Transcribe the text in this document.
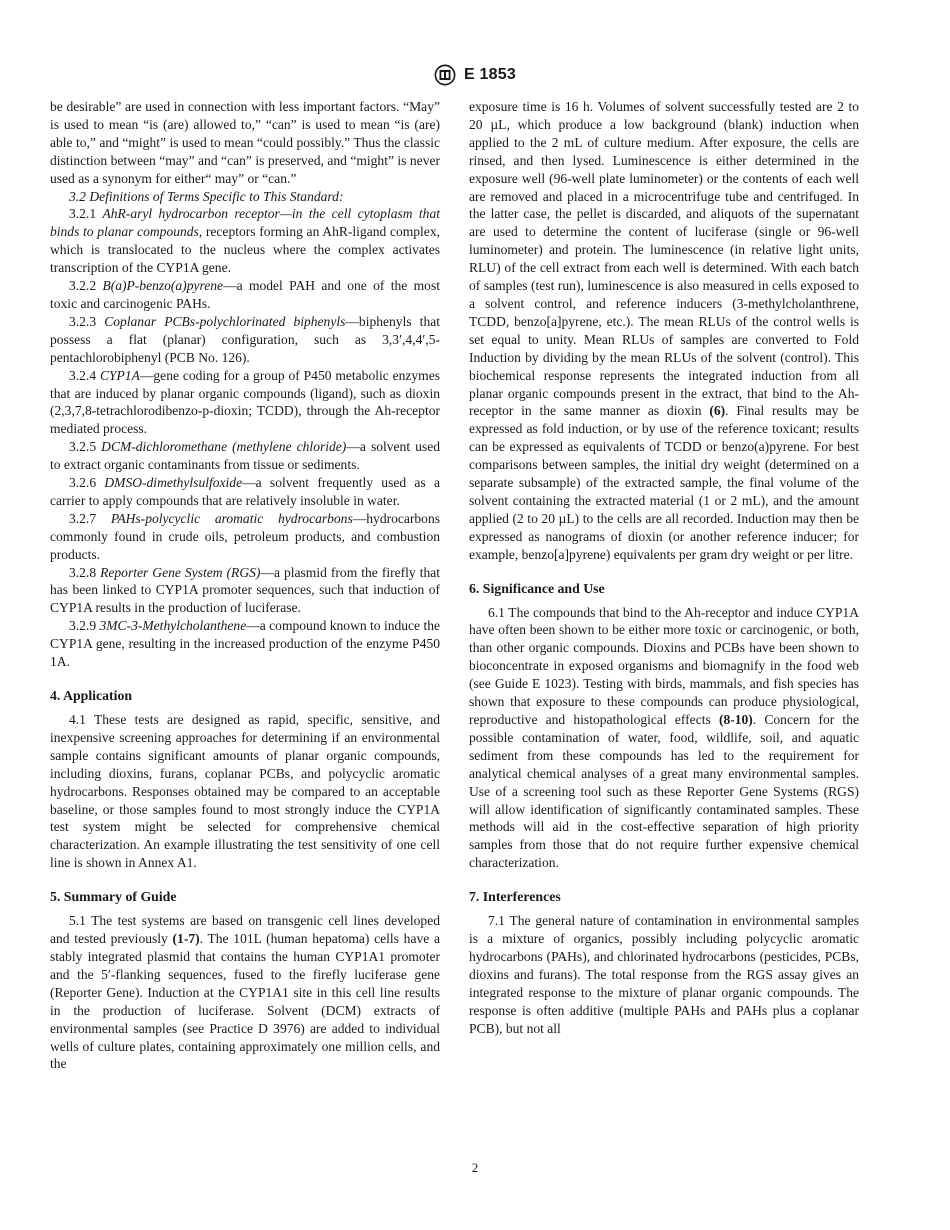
E 1853

be desirable” are used in connection with less important factors. “May” is used to mean “is (are) allowed to,” “can” is used to mean “is (are) able to,” and “might” is used to mean “could possibly.” Thus the classic distinction between “may” and “can” is preserved, and “might” is never used as a synonym for either“ may” or “can.”

3.2 Definitions of Terms Specific to This Standard:

3.2.1 AhR-aryl hydrocarbon receptor—in the cell cytoplasm that binds to planar compounds, receptors forming an AhR-ligand complex, which is translocated to the nucleus where the complex activates transcription of the CYP1A gene.

3.2.2 B(a)P-benzo(a)pyrene—a model PAH and one of the most toxic and carcinogenic PAHs.

3.2.3 Coplanar PCBs-polychlorinated biphenyls—biphenyls that possess a flat (planar) configuration, such as 3,3′,4,4′,5-pentachlorobiphenyl (PCB No. 126).

3.2.4 CYP1A—gene coding for a group of P450 metabolic enzymes that are induced by planar organic compounds (ligand), such as dioxin (2,3,7,8-tetrachlorodibenzo-p-dioxin; TCDD), through the Ah-receptor mediated process.

3.2.5 DCM-dichloromethane (methylene chloride)—a solvent used to extract organic contaminants from tissue or sediments.

3.2.6 DMSO-dimethylsulfoxide—a solvent frequently used as a carrier to apply compounds that are relatively insoluble in water.

3.2.7 PAHs-polycyclic aromatic hydrocarbons—hydrocarbons commonly found in crude oils, petroleum products, and combustion products.

3.2.8 Reporter Gene System (RGS)—a plasmid from the firefly that has been linked to CYP1A promoter sequences, such that induction of CYP1A results in the production of luciferase.

3.2.9 3MC-3-Methylcholanthene—a compound known to induce the CYP1A gene, resulting in the increased production of the enzyme P450 1A.

4. Application

4.1 These tests are designed as rapid, specific, sensitive, and inexpensive screening approaches for determining if an environmental sample contains significant amounts of planar organic compounds, including dioxins, furans, coplanar PCBs, and polycyclic aromatic hydrocarbons. Responses obtained may be compared to an acceptable baseline, or those samples found to most strongly induce the CYP1A test system might be selected for comprehensive chemical characterization. An example illustrating the test sensitivity of one cell line is shown in Annex A1.

5. Summary of Guide

5.1 The test systems are based on transgenic cell lines developed and tested previously (1-7). The 101L (human hepatoma) cells have a stably integrated plasmid that contains the human CYP1A1 promoter and the 5′-flanking sequences, fused to the firefly luciferase gene (Reporter Gene). Induction at the CYP1A1 site in this cell line results in the production of luciferase. Solvent (DCM) extracts of environmental samples (see Practice D 3976) are added to individual wells of culture plates, containing approximately one million cells, and the

exposure time is 16 h. Volumes of solvent successfully tested are 2 to 20 µL, which produce a low background (blank) induction when applied to the 2 mL of culture medium. After exposure, the cells are rinsed, and then lysed. Luminescence is either determined in the exposure well (96-well plate luminometer) or the contents of each well are removed and placed in a microcentrifuge tube and centrifuged. In the latter case, the pellet is discarded, and aliquots of the supernatant are used to determine the content of luciferase (single or 96-well luminometer) and protein. The luminescence (in relative light units, RLU) of the cell extract from each well is determined. With each batch of samples (test run), luminescence is also measured in cells exposed to a solvent control, and reference inducers (3-methylcholanthrene, TCDD, benzo[a]pyrene, etc.). The mean RLUs of the control wells is set equal to unity. Mean RLUs of samples are converted to Fold Induction by dividing by the mean RLUs of the solvent (control). This biochemical response represents the integrated induction from all planar organic compounds present in the extract, that bind to the Ah-receptor in the same manner as dioxin (6). Final results may be expressed as fold induction, or by use of the reference toxicant; results can be expressed as equivalents of TCDD or benzo(a)pyrene. For best comparisons between samples, the initial dry weight (determined on a separate subsample) of the extracted sample, the final volume of the solvent containing the extracted material (1 or 2 mL), and the amount applied (2 to 20 µL) to the cells are all recorded. Induction may then be expressed as nanograms of dioxin (or another reference inducer; for example, benzo[a]pyrene) equivalents per gram dry weight or per litre.

6. Significance and Use

6.1 The compounds that bind to the Ah-receptor and induce CYP1A have often been shown to be either more toxic or carcinogenic, or both, than other organic compounds. Dioxins and PCBs have been shown to bioconcentrate in exposed organisms and biomagnify in the food web (see Guide E 1023). Testing with birds, mammals, and fish species has shown that exposure to these compounds can produce physiological, reproductive and histopathological effects (8-10). Concern for the possible contamination of water, food, wildlife, soil, and aquatic sediment from these compounds has led to the requirement for analytical chemical analyses of a great many environmental samples. Use of a screening tool such as these Reporter Gene Systems (RGS) will allow identification of significantly contaminated samples. These methods will aid in the cost-effective separation of high priority samples from those that do not require further expensive chemical characterization.

7. Interferences

7.1 The general nature of contamination in environmental samples is a mixture of organics, possibly including polycyclic aromatic hydrocarbons (PAHs), and chlorinated hydrocarbons (pesticides, PCBs, dioxins and furans). The total response from the RGS assay gives an integrated response to the mixture of planar organic compounds. The response is often additive (multiple PAHs and PAHs plus a coplanar PCB), but not all

2
